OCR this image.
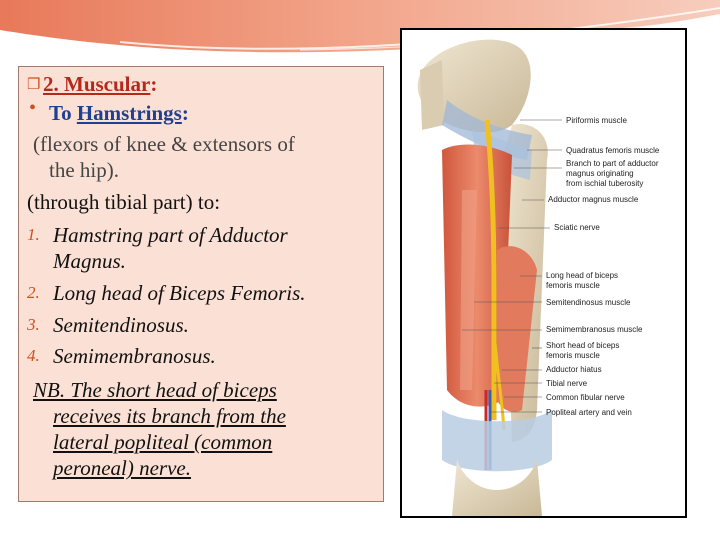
❒ 2. Muscular:
• To Hamstrings:
(flexors of knee & extensors of
the hip).
(through tibial part) to:
1. Hamstring part of Adductor
Magnus.
2. Long head of Biceps Femoris.
3. Semitendinosus.
4. Semimembranosus.
NB. The short head of biceps
receives its branch from the
lateral popliteal (common
peroneal) nerve.
Piriformis muscle
Quadratus femoris muscle
Branch to part of adductor
magnus originating
from ischial tuberosity
Adductor magnus muscle
Sciatic nerve
Long head of biceps
femoris muscle
Semitendinosus muscle
Semimembranosus muscle
Short head of biceps
femoris muscle
Adductor hiatus
Tibial nerve
Common fibular nerve
Popliteal artery and vein
